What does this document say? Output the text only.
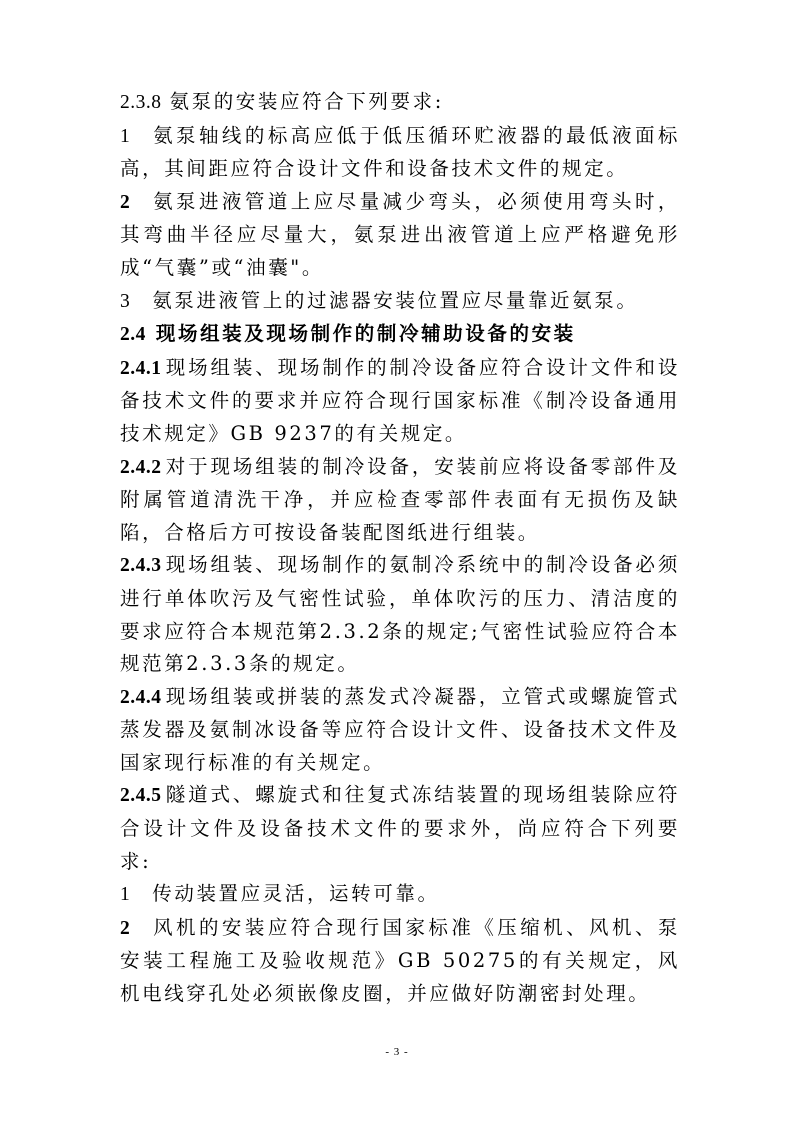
2.3.8 氨泵的安装应符合下列要求:

1 氨泵轴线的标高应低于低压循环贮液器的最低液面标高，其间距应符合设计文件和设备技术文件的规定。

2 氨泵进液管道上应尽量减少弯头，必须使用弯头时，其弯曲半径应尽量大，氨泵进出液管道上应严格避免形成“气囊”或“油囊"。

3 氨泵进液管上的过滤器安装位置应尽量靠近氨泵。

2.4 现场组装及现场制作的制冷辅助设备的安装

2.4.1 现场组装、现场制作的制冷设备应符合设计文件和设备技术文件的要求并应符合现行国家标准《制冷设备通用技术规定》GB 9237的有关规定。

2.4.2 对于现场组装的制冷设备，安装前应将设备零部件及附属管道清洗干净，并应检查零部件表面有无损伤及缺陷，合格后方可按设备装配图纸进行组装。

2.4.3 现场组装、现场制作的氨制冷系统中的制冷设备必须进行单体吹污及气密性试验，单体吹污的压力、清洁度的要求应符合本规范第2.3.2条的规定;气密性试验应符合本规范第2.3.3条的规定。

2.4.4 现场组装或拼装的蒸发式冷凝器，立管式或螺旋管式蒸发器及氨制冰设备等应符合设计文件、设备技术文件及国家现行标准的有关规定。

2.4.5 隧道式、螺旋式和往复式冻结装置的现场组装除应符合设计文件及设备技术文件的要求外，尚应符合下列要求:

1 传动装置应灵活，运转可靠。

2 风机的安装应符合现行国家标准《压缩机、风机、泵安装工程施工及验收规范》GB 50275的有关规定，风机电线穿孔处必须嵌像皮圈，并应做好防潮密封处理。

- 3 -
